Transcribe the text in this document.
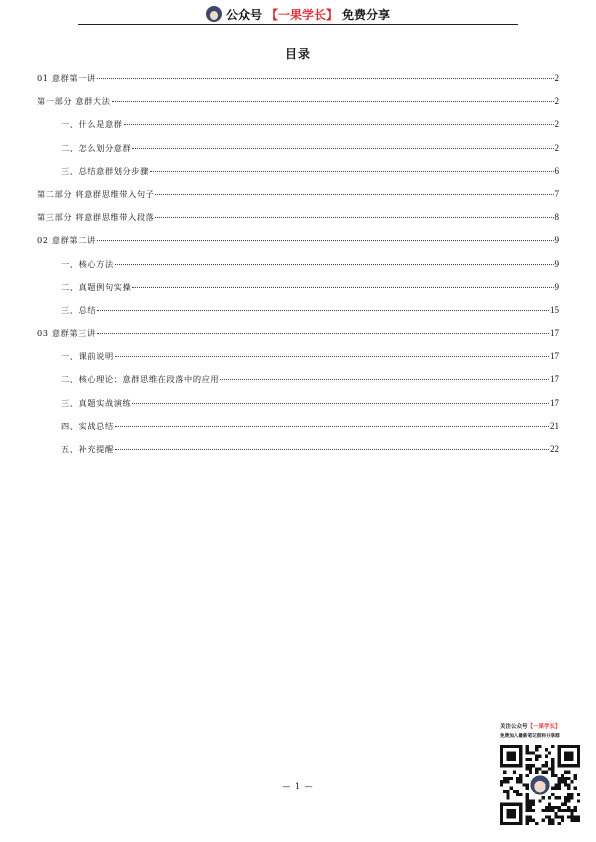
公众号 【一果学长】 免费分享
目录
01 意群第一讲	2
第一部分 意群大法	2
一、什么是意群	2
二、怎么划分意群	2
三、总结意群划分步骤	6
第二部分 将意群思维带入句子	7
第三部分 将意群思维带入段落	8
02 意群第二讲	9
一、核心方法	9
二、真题例句实操	9
三、总结	15
03 意群第三讲	17
一、课前说明	17
二、核心理论：意群思维在段落中的应用	17
三、真题实战演练	17
四、实战总结	21
五、补充提醒	22
— 1 —
关注公众号【一果学长】
免费加入最新笔记资料分享群
